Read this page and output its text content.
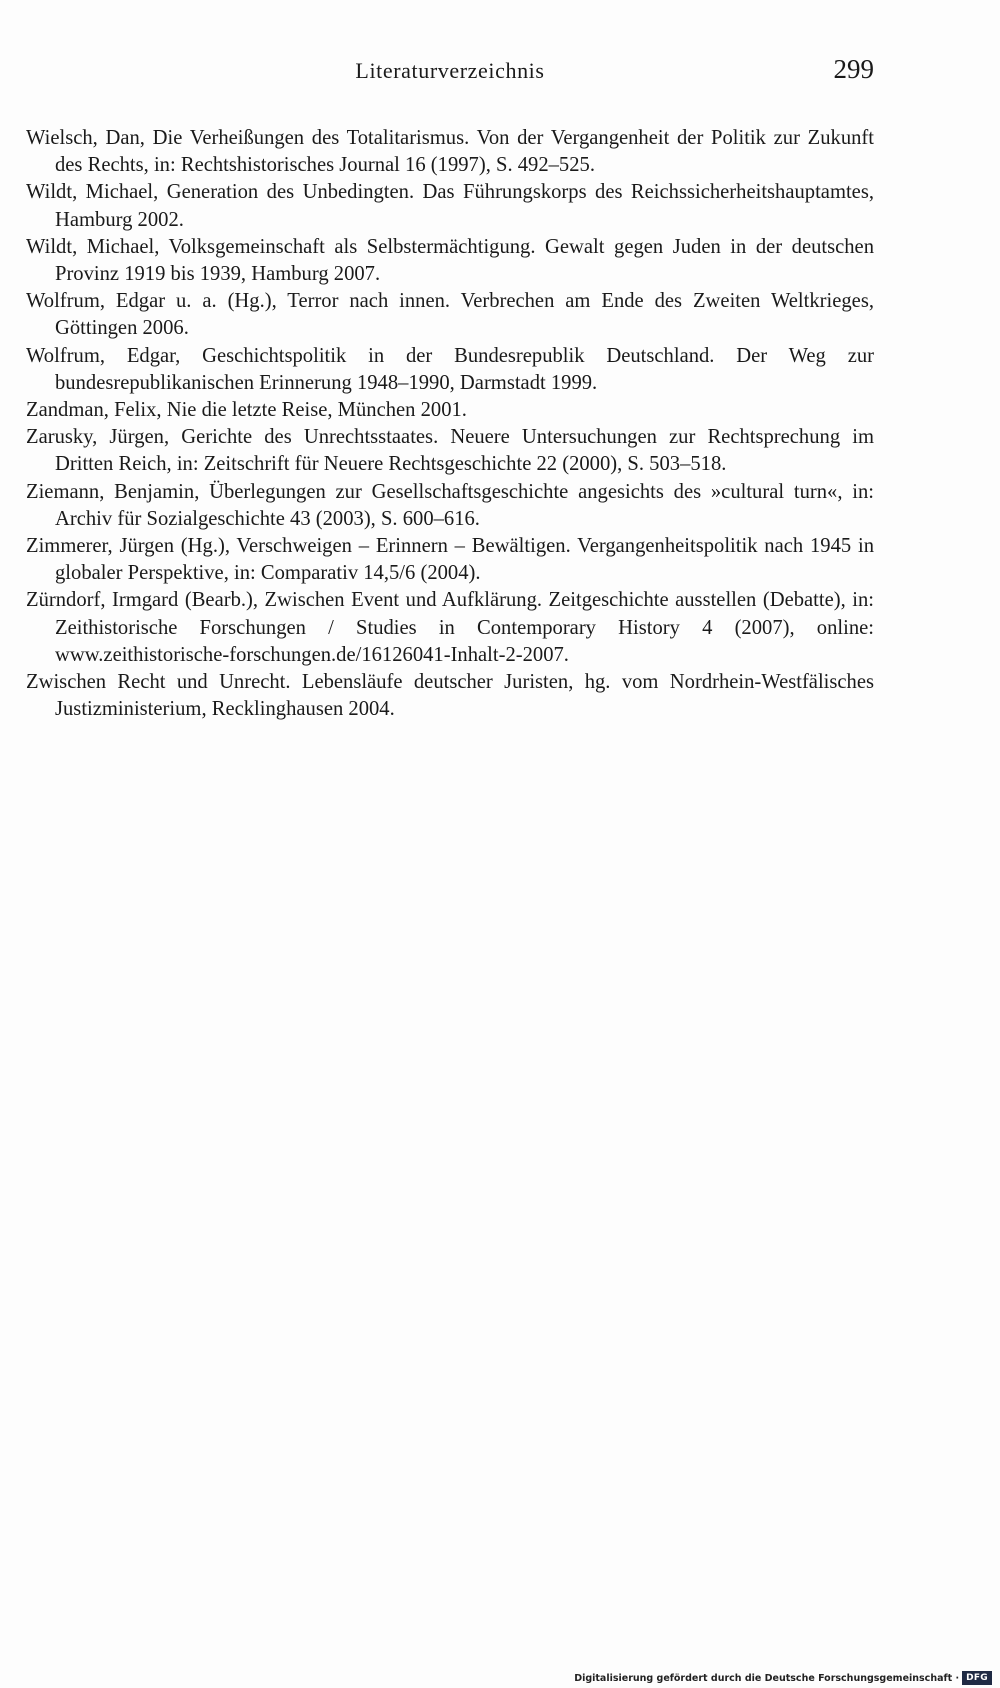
Literaturverzeichnis	299
Wielsch, Dan, Die Verheißungen des Totalitarismus. Von der Vergangenheit der Politik zur Zukunft des Rechts, in: Rechtshistorisches Journal 16 (1997), S. 492–525.
Wildt, Michael, Generation des Unbedingten. Das Führungskorps des Reichssicherheitshauptamtes, Hamburg 2002.
Wildt, Michael, Volksgemeinschaft als Selbstermächtigung. Gewalt gegen Juden in der deutschen Provinz 1919 bis 1939, Hamburg 2007.
Wolfrum, Edgar u. a. (Hg.), Terror nach innen. Verbrechen am Ende des Zweiten Weltkrieges, Göttingen 2006.
Wolfrum, Edgar, Geschichtspolitik in der Bundesrepublik Deutschland. Der Weg zur bundesrepublikanischen Erinnerung 1948–1990, Darmstadt 1999.
Zandman, Felix, Nie die letzte Reise, München 2001.
Zarusky, Jürgen, Gerichte des Unrechtsstaates. Neuere Untersuchungen zur Rechtsprechung im Dritten Reich, in: Zeitschrift für Neuere Rechtsgeschichte 22 (2000), S. 503–518.
Ziemann, Benjamin, Überlegungen zur Gesellschaftsgeschichte angesichts des »cultural turn«, in: Archiv für Sozialgeschichte 43 (2003), S. 600–616.
Zimmerer, Jürgen (Hg.), Verschweigen – Erinnern – Bewältigen. Vergangenheitspolitik nach 1945 in globaler Perspektive, in: Comparativ 14,5/6 (2004).
Zürndorf, Irmgard (Bearb.), Zwischen Event und Aufklärung. Zeitgeschichte ausstellen (Debatte), in: Zeithistorische Forschungen / Studies in Contemporary History 4 (2007), online: www.zeithistorische-forschungen.de/16126041-Inhalt-2-2007.
Zwischen Recht und Unrecht. Lebensläufe deutscher Juristen, hg. vom Nordrhein-Westfälisches Justizministerium, Recklinghausen 2004.
Digitalisierung gefördert durch die Deutsche Forschungsgemeinschaft · DFG
